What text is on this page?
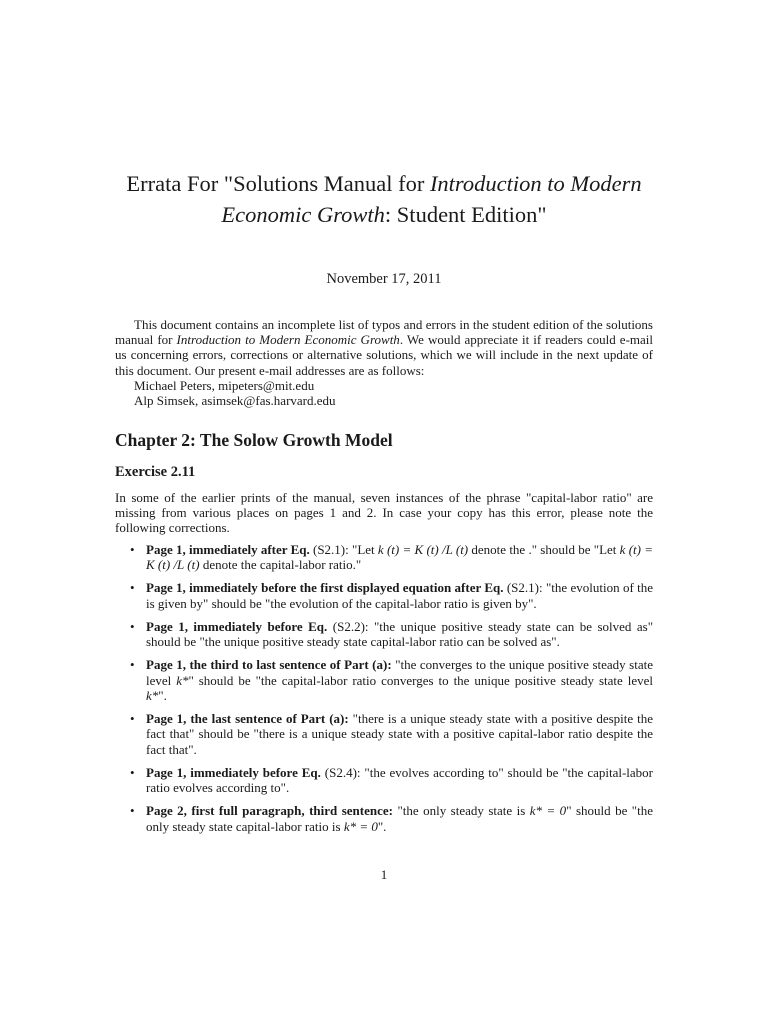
Errata For "Solutions Manual for Introduction to Modern
Economic Growth: Student Edition"
November 17, 2011
This document contains an incomplete list of typos and errors in the student edition of the solutions manual for Introduction to Modern Economic Growth. We would appreciate it if readers could e-mail us concerning errors, corrections or alternative solutions, which we will include in the next update of this document. Our present e-mail addresses are as follows:
Michael Peters, mipeters@mit.edu
Alp Simsek, asimsek@fas.harvard.edu
Chapter 2: The Solow Growth Model
Exercise 2.11
In some of the earlier prints of the manual, seven instances of the phrase "capital-labor ratio" are missing from various places on pages 1 and 2. In case your copy has this error, please note the following corrections.
• Page 1, immediately after Eq. (S2.1): "Let k (t) = K (t) /L (t) denote the ." should be "Let k (t) = K (t) /L (t) denote the capital-labor ratio."
• Page 1, immediately before the first displayed equation after Eq. (S2.1): "the evolution of the is given by" should be "the evolution of the capital-labor ratio is given by".
• Page 1, immediately before Eq. (S2.2): "the unique positive steady state can be solved as" should be "the unique positive steady state capital-labor ratio can be solved as".
• Page 1, the third to last sentence of Part (a): "the converges to the unique positive steady state level k*" should be "the capital-labor ratio converges to the unique positive steady state level k*".
• Page 1, the last sentence of Part (a): "there is a unique steady state with a positive despite the fact that" should be "there is a unique steady state with a positive capital-labor ratio despite the fact that".
• Page 1, immediately before Eq. (S2.4): "the evolves according to" should be "the capital-labor ratio evolves according to".
• Page 2, first full paragraph, third sentence: "the only steady state is k* = 0" should be "the only steady state capital-labor ratio is k* = 0".
1
